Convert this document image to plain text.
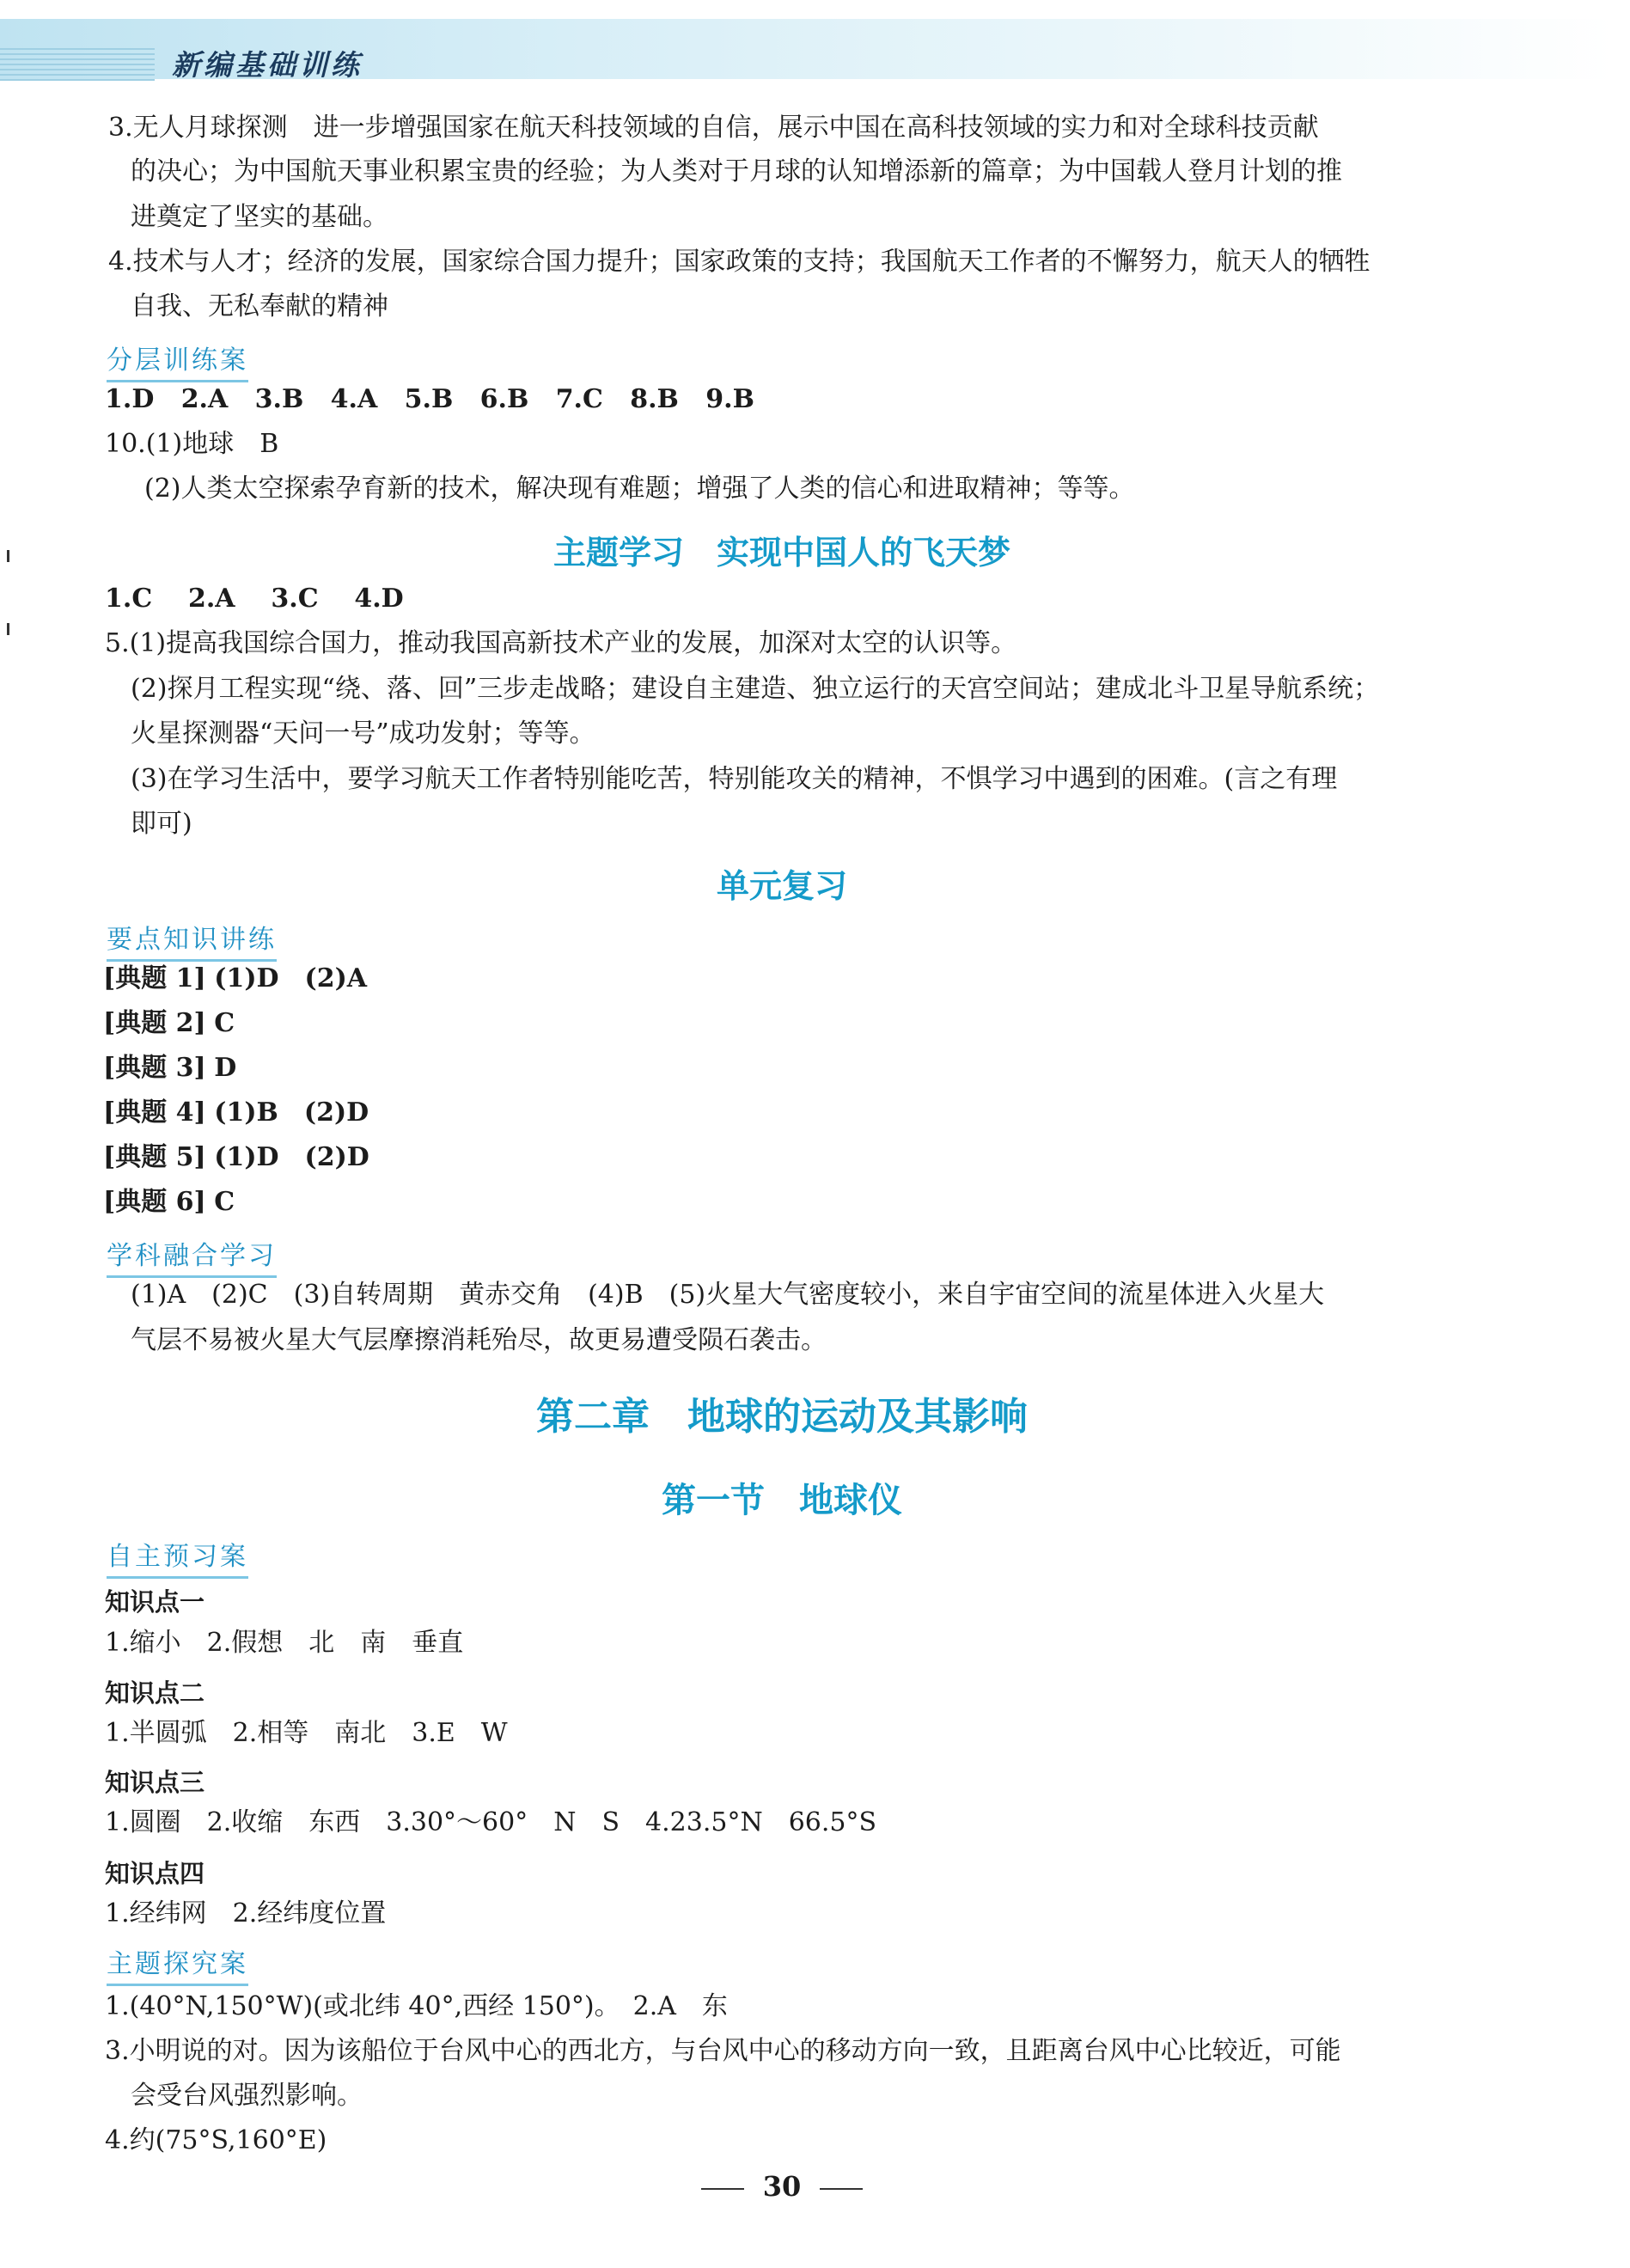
新编基础训练
3.无人月球探测　进一步增强国家在航天科技领域的自信，展示中国在高科技领域的实力和对全球科技贡献
的决心；为中国航天事业积累宝贵的经验；为人类对于月球的认知增添新的篇章；为中国载人登月计划的推
进奠定了坚实的基础。
4.技术与人才；经济的发展，国家综合国力提升；国家政策的支持；我国航天工作者的不懈努力，航天人的牺牲
自我、无私奉献的精神
分层训练案
1.D 2.A 3.B 4.A 5.B 6.B 7.C 8.B 9.B
10.(1)地球　B
(2)人类太空探索孕育新的技术，解决现有难题；增强了人类的信心和进取精神；等等。
主题学习　实现中国人的飞天梦
1.C 2.A 3.C 4.D
5.(1)提高我国综合国力，推动我国高新技术产业的发展，加深对太空的认识等。
(2)探月工程实现“绕、落、回”三步走战略；建设自主建造、独立运行的天宫空间站；建成北斗卫星导航系统；
火星探测器“天问一号”成功发射；等等。
(3)在学习生活中，要学习航天工作者特别能吃苦，特别能攻关的精神，不惧学习中遇到的困难。(言之有理
即可)
单元复习
要点知识讲练
[典题 1] (1)D　(2)A
[典题 2] C
[典题 3] D
[典题 4] (1)B　(2)D
[典题 5] (1)D　(2)D
[典题 6] C
学科融合学习
(1)A　(2)C　(3)自转周期　黄赤交角　(4)B　(5)火星大气密度较小，来自宇宙空间的流星体进入火星大
气层不易被火星大气层摩擦消耗殆尽，故更易遭受陨石袭击。
第二章　地球的运动及其影响
第一节　地球仪
自主预习案
知识点一
1.缩小　2.假想　北　南　垂直
知识点二
1.半圆弧　2.相等　南北　3.E　W
知识点三
1.圆圈　2.收缩　东西　3.30°～60°　N　S　4.23.5°N　66.5°S
知识点四
1.经纬网　2.经纬度位置
主题探究案
1.(40°N,150°W)(或北纬 40°,西经 150°)。　2.A　东
3.小明说的对。因为该船位于台风中心的西北方，与台风中心的移动方向一致，且距离台风中心比较近，可能
会受台风强烈影响。
4.约(75°S,160°E)
30
